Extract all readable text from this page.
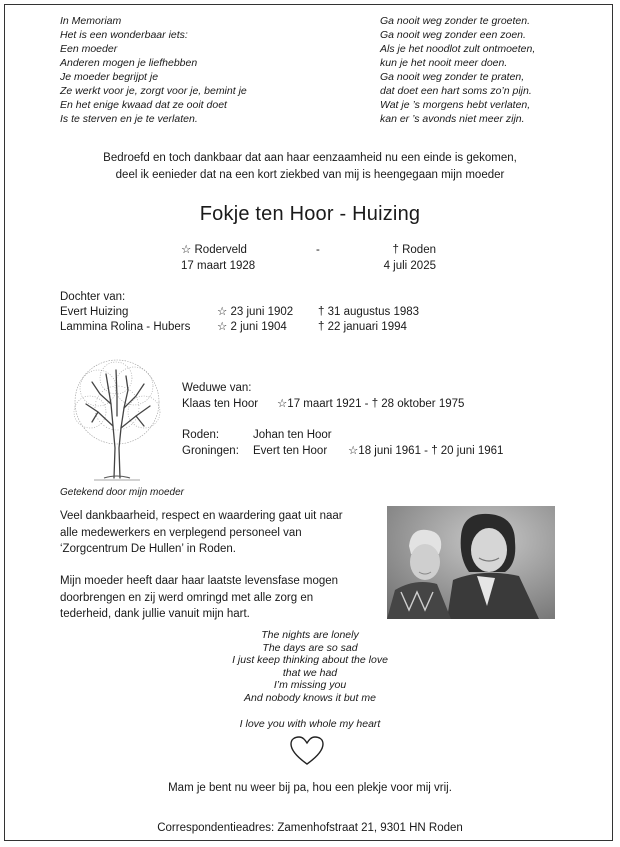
In Memoriam
Het is een wonderbaar iets:
Een moeder
Anderen mogen je liefhebben
Je moeder begrijpt je
Ze werkt voor je, zorgt voor je, bemint je
En het enige kwaad dat ze ooit doet
Is te sterven en je te verlaten.
Ga nooit weg zonder te groeten.
Ga nooit weg zonder een zoen.
Als je het noodlot zult ontmoeten,
kun je het nooit meer doen.
Ga nooit weg zonder te praten,
dat doet een hart soms zo’n pijn.
Wat je ’s morgens hebt verlaten,
kan er ’s avonds niet meer zijn.
Bedroefd en toch dankbaar dat aan haar eenzaamheid nu een einde is gekomen,
deel ik eenieder dat na een kort ziekbed van mij is heengegaan mijn moeder
Fokje ten Hoor - Huizing
☆ Roderveld	-	† Roden
17 maart 1928	4 juli 2025
Dochter van:
Evert Huizing	☆ 23 juni 1902 † 31 augustus 1983
Lammina Rolina - Hubers ☆ 2 juni 1904	† 22 januari 1994
Getekend door mijn moeder
Weduwe van:
Klaas ten Hoor ☆17 maart 1921 - † 28 oktober 1975
Roden:	Johan ten Hoor
Groningen: Evert ten Hoor ☆18 juni 1961 - † 20 juni 1961
Veel dankbaarheid, respect en waardering gaat uit naar
alle medewerkers en verplegend personeel van
‘Zorgcentrum De Hullen’ in Roden.
Mijn moeder heeft daar haar laatste levensfase mogen
doorbrengen en zij werd omringd met alle zorg en
tederheid, dank jullie vanuit mijn hart.
The nights are lonely
The days are so sad
I just keep thinking about the love
that we had
I’m missing you
And nobody knows it but me
I love you with whole my heart
Mam je bent nu weer bij pa, hou een plekje voor mij vrij.
Correspondentieadres: Zamenhofstraat 21, 9301 HN Roden
